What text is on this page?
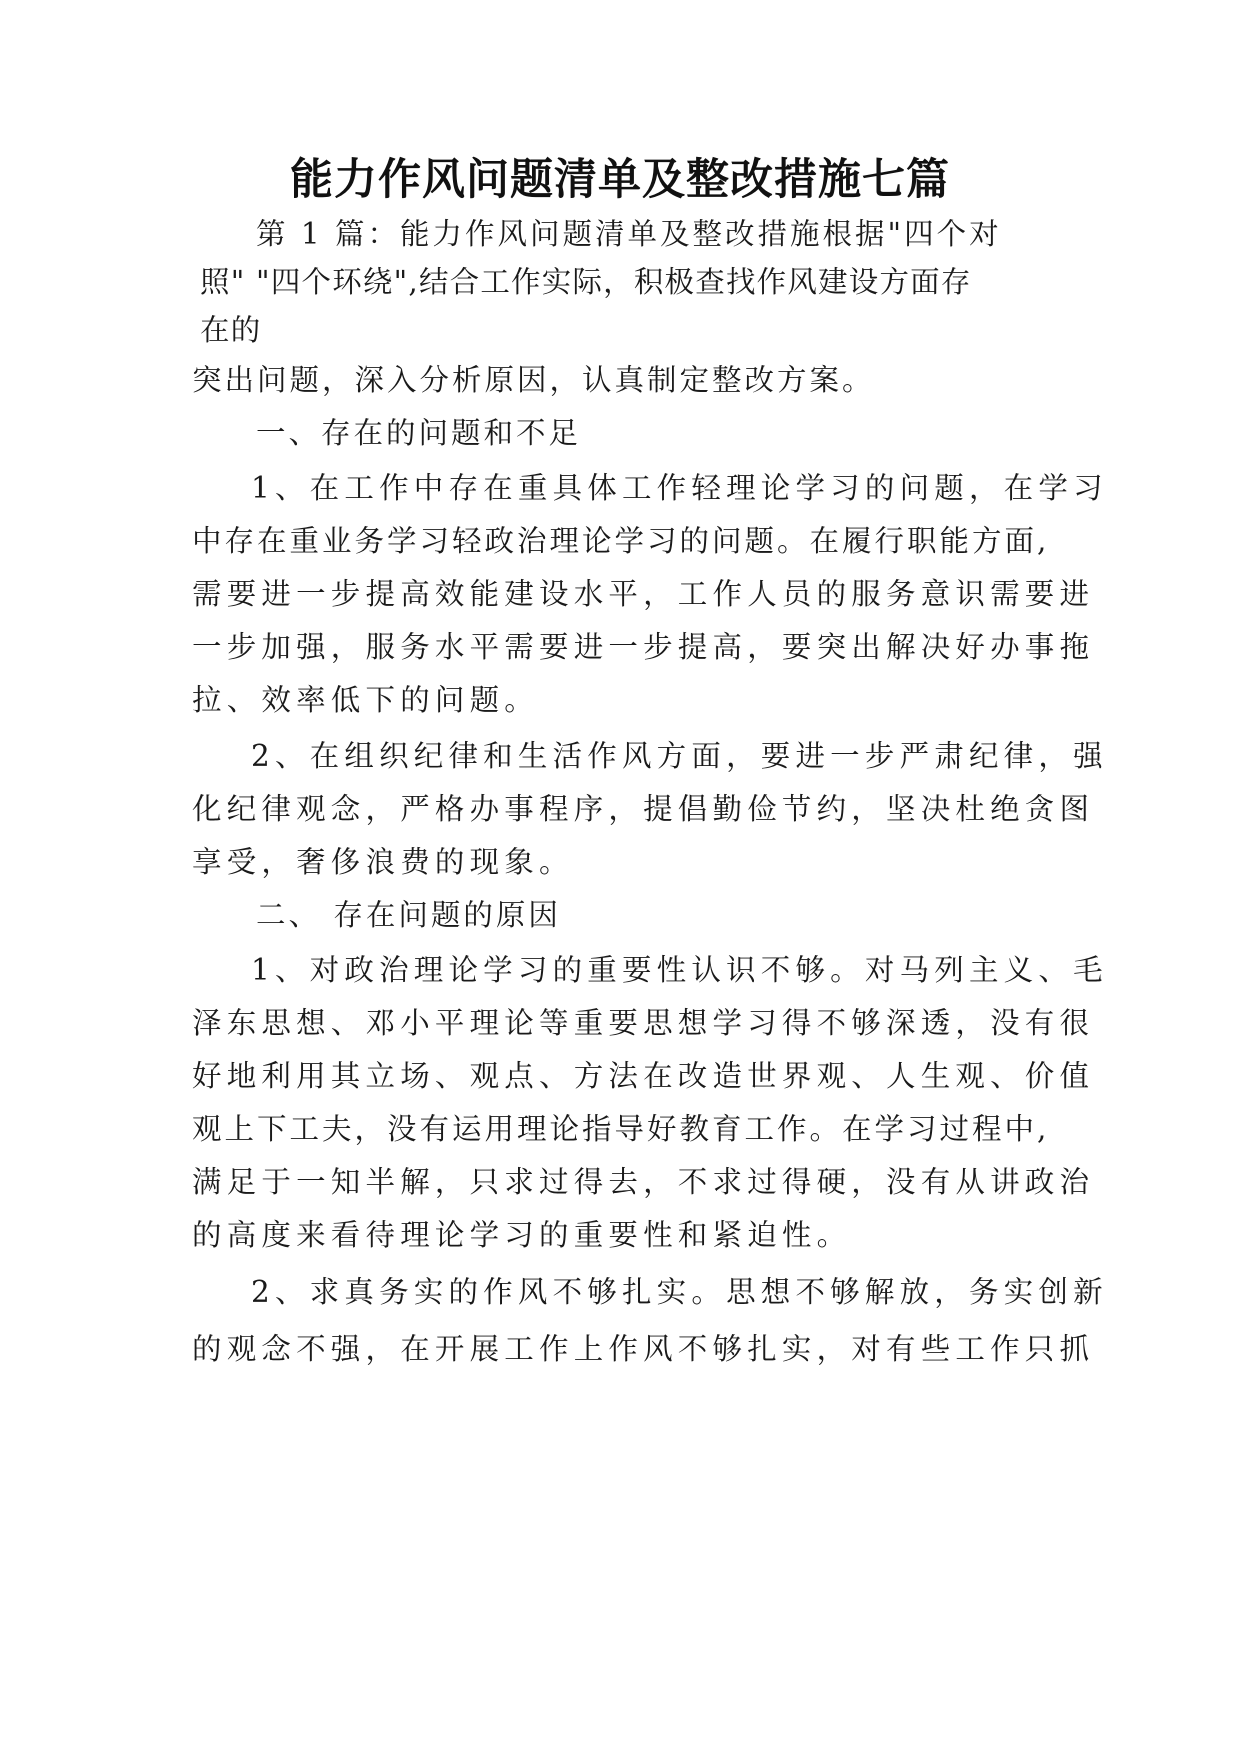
能力作风问题清单及整改措施七篇
第 1 篇：能力作风问题清单及整改措施根据"四个对
照" "四个环绕",结合工作实际，积极查找作风建设方面存
在的
突出问题，深入分析原因，认真制定整改方案。
一、存在的问题和不足
1、在工作中存在重具体工作轻理论学习的问题，在学习
中存在重业务学习轻政治理论学习的问题。在履行职能方面,
需要进一步提高效能建设水平，工作人员的服务意识需要进
一步加强，服务水平需要进一步提高，要突出解决好办事拖
拉、效率低下的问题。
2、在组织纪律和生活作风方面，要进一步严肃纪律，强
化纪律观念，严格办事程序，提倡勤俭节约，坚决杜绝贪图
享受，奢侈浪费的现象。
二、 存在问题的原因
1、对政治理论学习的重要性认识不够。对马列主义、毛
泽东思想、邓小平理论等重要思想学习得不够深透，没有很
好地利用其立场、观点、方法在改造世界观、人生观、价值
观上下工夫，没有运用理论指导好教育工作。在学习过程中,
满足于一知半解，只求过得去，不求过得硬，没有从讲政治
的高度来看待理论学习的重要性和紧迫性。
2、求真务实的作风不够扎实。思想不够解放，务实创新
的观念不强，在开展工作上作风不够扎实，对有些工作只抓
